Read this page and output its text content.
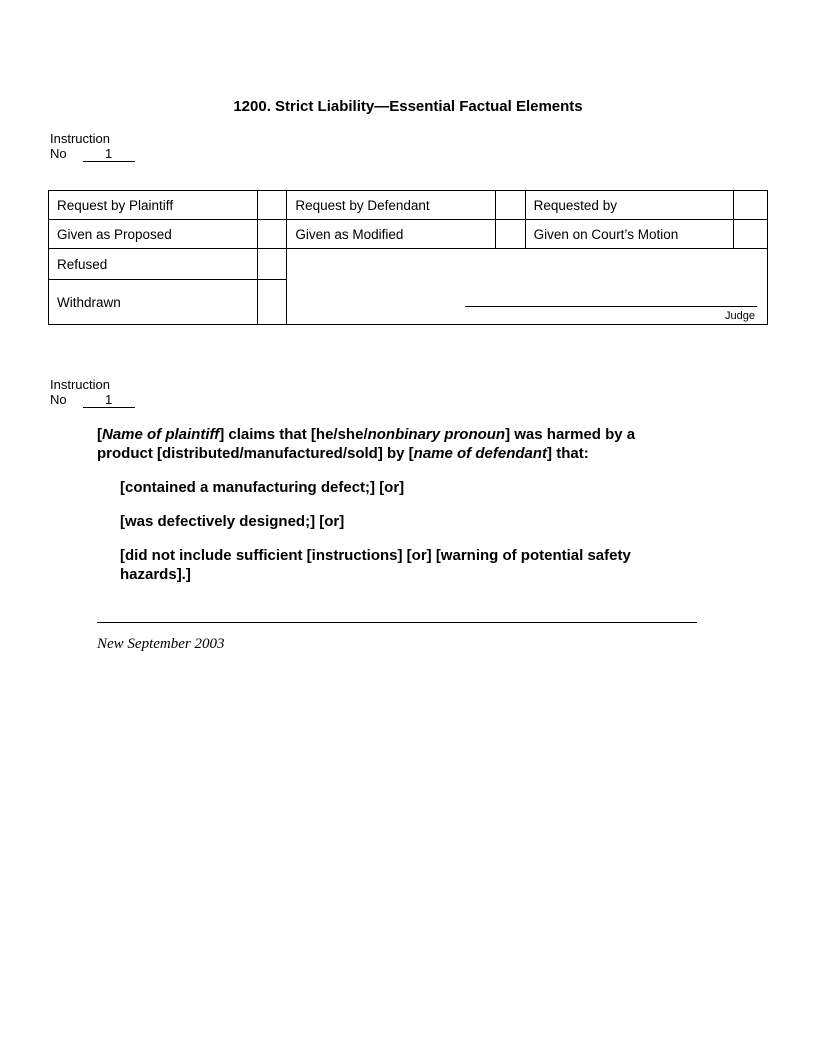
1200. Strict Liability—Essential Factual Elements
Instruction
No	1
Request by Plaintiff		Request by Defendant		Requested by	
Given as Proposed		Given as Modified		Given on Court’s Motion	
Refused		Judge			

Withdrawn					
Instruction
No	1
[Name of plaintiff] claims that [he/she/nonbinary pronoun] was harmed by a product [distributed/manufactured/sold] by [name of defendant] that:
[contained a manufacturing defect;] [or]
[was defectively designed;] [or]
[did not include sufficient [instructions] [or] [warning of potential safety hazards].]
New September 2003
